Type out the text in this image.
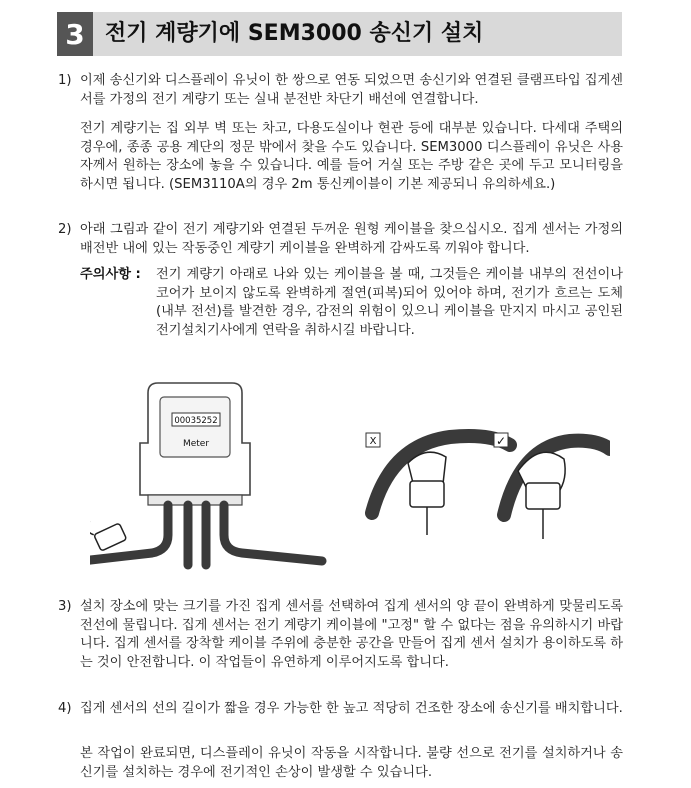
3 전기 계량기에 SEM3000 송신기 설치
1) 이제 송신기와 디스플레이 유닛이 한 쌍으로 연동 되었으면 송신기와 연결된 클램프타입 집게센서를 가정의 전기 계량기 또는 실내 분전반 차단기 배선에 연결합니다.

전기 계량기는 집 외부 벽 또는 차고, 다용도실이나 현관 등에 대부분 있습니다. 다세대 주택의 경우에, 종종 공용 계단의 정문 밖에서 찾을 수도 있습니다. SEM3000 디스플레이 유닛은 사용자께서 원하는 장소에 놓을 수 있습니다. 예를 들어 거실 또는 주방 같은 곳에 두고 모니터링을 하시면 됩니다. (SEM3110A의 경우 2m 통신케이블이 기본 제공되니 유의하세요.)

2) 아래 그림과 같이 전기 계량기와 연결된 두꺼운 원형 케이블을 찾으십시오. 집게 센서는 가정의 배전반 내에 있는 작동중인 계량기 케이블을 완벽하게 감싸도록 끼워야 합니다.

주의사항 : 전기 계량기 아래로 나와 있는 케이블을 볼 때, 그것들은 케이블 내부의 전선이나 코어가 보이지 않도록 완벽하게 절연(피복)되어 있어야 하며, 전기가 흐르는 도체(내부 전선)를 발견한 경우, 감전의 위험이 있으니 케이블을 만지지 마시고 공인된 전기설치기사에게 연락을 취하시길 바랍니다.

00035252
Meter	X	✓
3) 설치 장소에 맞는 크기를 가진 집게 센서를 선택하여 집게 센서의 양 끝이 완벽하게 맞물리도록 전선에 물립니다. 집게 센서는 전기 계량기 케이블에 "고정" 할 수 없다는 점을 유의하시기 바랍니다. 집게 센서를 장착할 케이블 주위에 충분한 공간을 만들어 집게 센서 설치가 용이하도록 하는 것이 안전합니다. 이 작업들이 유연하게 이루어지도록 합니다.

4) 집게 센서의 선의 길이가 짧을 경우 가능한 한 높고 적당히 건조한 장소에 송신기를 배치합니다.

본 작업이 완료되면, 디스플레이 유닛이 작동을 시작합니다. 불량 선으로 전기를 설치하거나 송신기를 설치하는 경우에 전기적인 손상이 발생할 수 있습니다.
